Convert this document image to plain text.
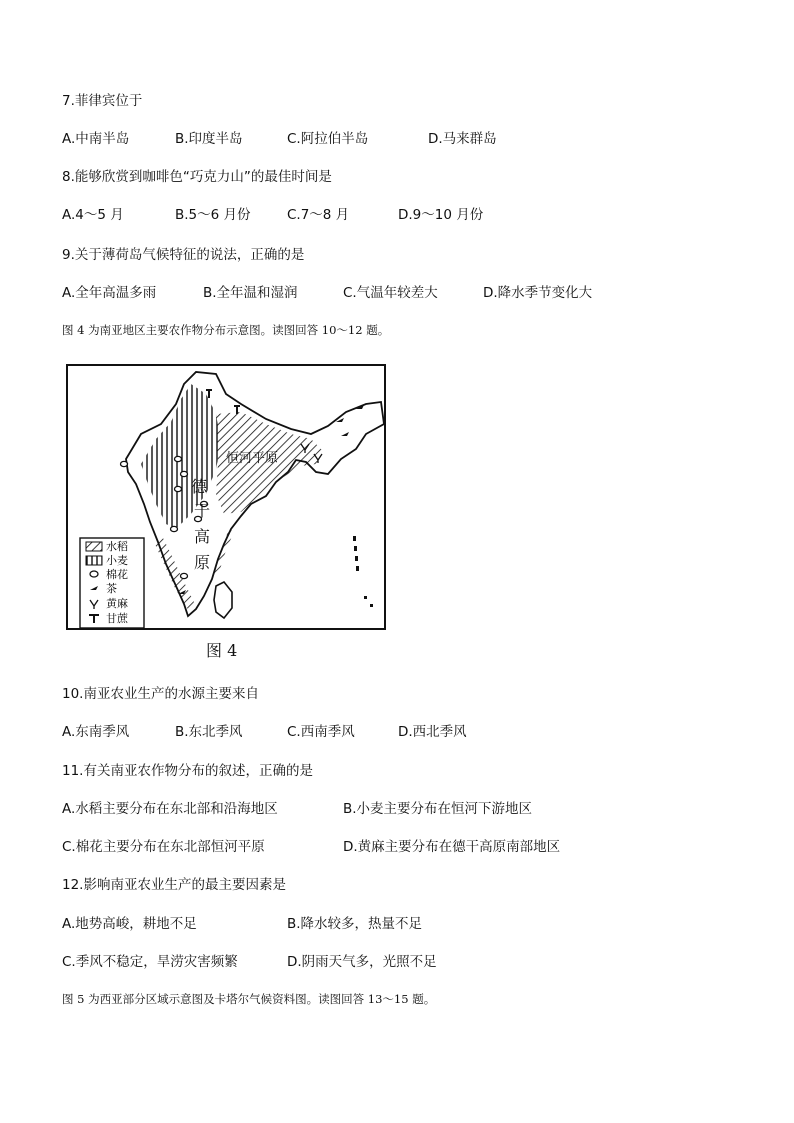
7.菲律宾位于
A.中南半岛	B.印度半岛	C.阿拉伯半岛	D.马来群岛
8.能够欣赏到咖啡色“巧克力山”的最佳时间是
A.4～5 月	B.5～6 月份	C.7～8 月	D.9～10 月份
9.关于薄荷岛气候特征的说法，正确的是
A.全年高温多雨	B.全年温和湿润	C.气温年较差大	D.降水季节变化大
图 4 为南亚地区主要农作物分布示意图。读图回答 10～12 题。
恒河平原
德
干
高
原
水稻
小麦
棉花
茶
黄麻
甘蔗
图 4
10.南亚农业生产的水源主要来自
A.东南季风	B.东北季风	C.西南季风	D.西北季风
11.有关南亚农作物分布的叙述，正确的是
A.水稻主要分布在东北部和沿海地区	B.小麦主要分布在恒河下游地区
C.棉花主要分布在东北部恒河平原	D.黄麻主要分布在德干高原南部地区
12.影响南亚农业生产的最主要因素是
A.地势高峻，耕地不足	B.降水较多，热量不足
C.季风不稳定，旱涝灾害频繁	D.阴雨天气多，光照不足
图 5 为西亚部分区域示意图及卡塔尔气候资料图。读图回答 13～15 题。
